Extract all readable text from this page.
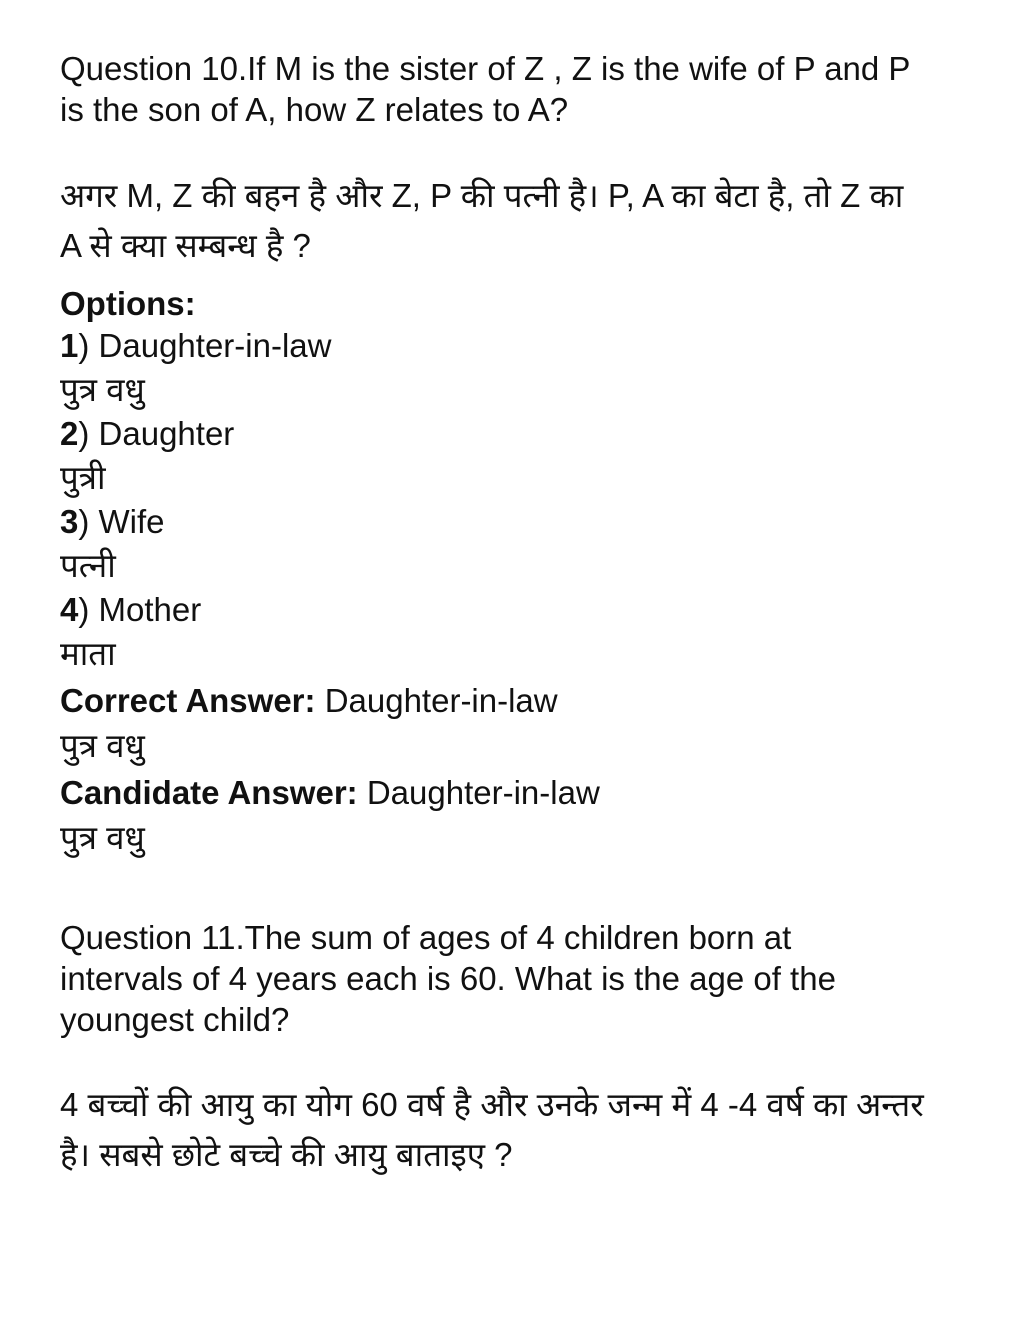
Question 10.If M is the sister of Z , Z is the wife of P and P
is the son of A, how Z relates to A?
अगर M, Z की बहन है और Z, P की पत्नी है। P, A का बेटा है, तो Z का
A से क्या सम्बन्ध है ?
Options:
1) Daughter-in-law
पुत्र वधु
2) Daughter
पुत्री
3) Wife
पत्नी
4) Mother
माता
Correct Answer: Daughter-in-law
पुत्र वधु
Candidate Answer: Daughter-in-law
पुत्र वधु
Question 11.The sum of ages of 4 children born at
intervals of 4 years each is 60. What is the age of the
youngest child?
4 बच्चों की आयु का योग 60 वर्ष है और उनके जन्म में 4 -4 वर्ष का अन्तर
है। सबसे छोटे बच्चे की आयु बाताइए ?
